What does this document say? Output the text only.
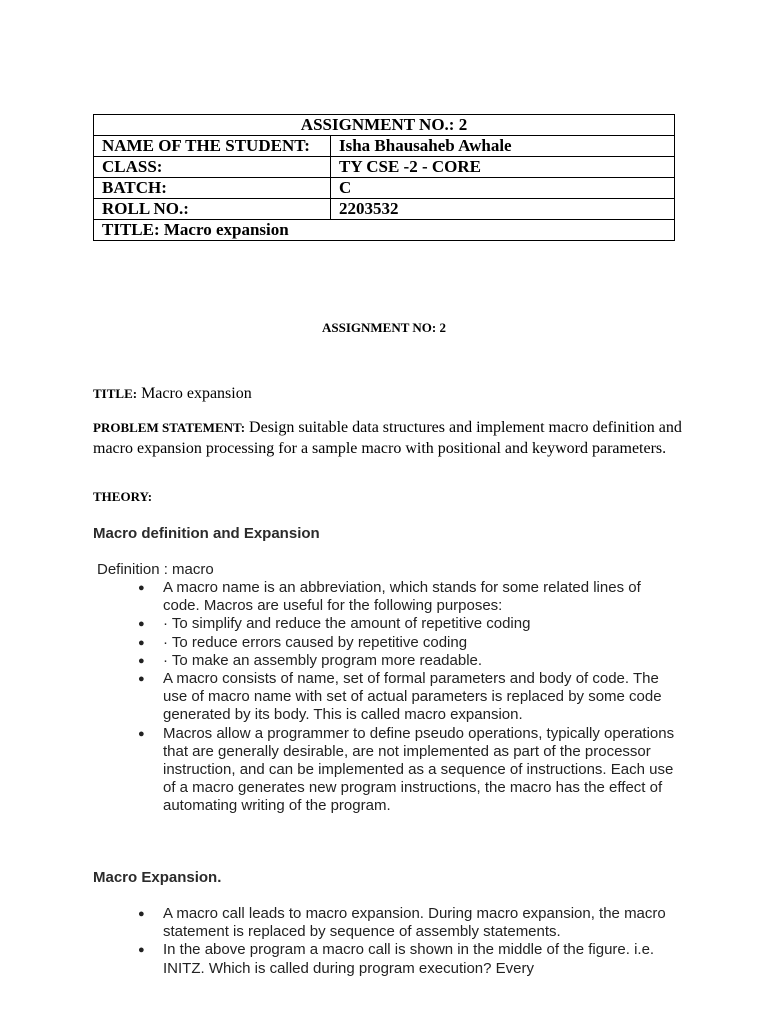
ASSIGNMENT NO.: 2	
NAME OF THE STUDENT:	Isha Bhausaheb Awhale
CLASS:	TY CSE -2 - CORE
BATCH:	C
ROLL NO.:	2203532
TITLE: Macro expansion	
ASSIGNMENT NO: 2
TITLE: Macro expansion
PROBLEM STATEMENT: Design suitable data structures and implement macro definition and macro expansion processing for a sample macro with positional and keyword parameters.
THEORY:
Macro definition and Expansion
Definition : macro
● A macro name is an abbreviation, which stands for some related lines of code. Macros are useful for the following purposes:
● · To simplify and reduce the amount of repetitive coding
● · To reduce errors caused by repetitive coding
● · To make an assembly program more readable.
● A macro consists of name, set of formal parameters and body of code. The use of macro name with set of actual parameters is replaced by some code generated by its body. This is called macro expansion.
● Macros allow a programmer to define pseudo operations, typically operations that are generally desirable, are not implemented as part of the processor instruction, and can be implemented as a sequence of instructions. Each use of a macro generates new program instructions, the macro has the effect of automating writing of the program.
Macro Expansion.
● A macro call leads to macro expansion. During macro expansion, the macro statement is replaced by sequence of assembly statements.
● In the above program a macro call is shown in the middle of the figure. i.e. INITZ. Which is called during program execution? Every
